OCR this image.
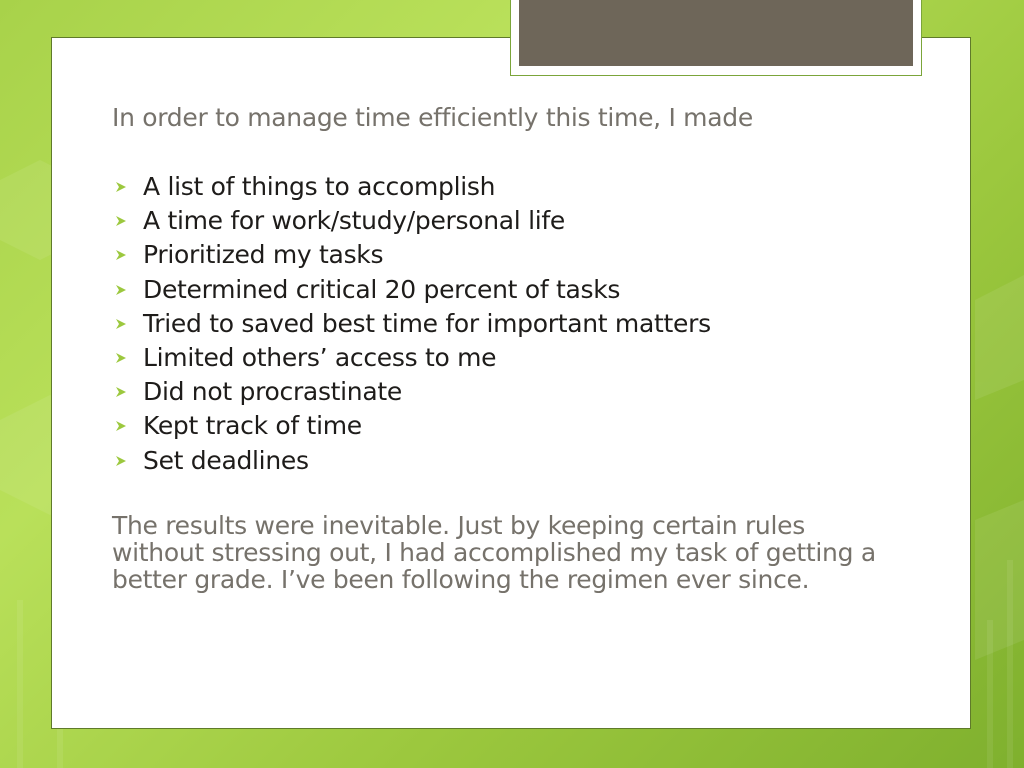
In order to manage time efficiently this time, I made

A list of things to accomplish
A time for work/study/personal life
Prioritized my tasks
Determined critical 20 percent of tasks
Tried to saved best time for important matters
Limited others’ access to me
Did not procrastinate
Kept track of time
Set deadlines

The results were inevitable. Just by keeping certain rules without stressing out, I had accomplished my task of getting a better grade. I’ve been following the regimen ever since.
